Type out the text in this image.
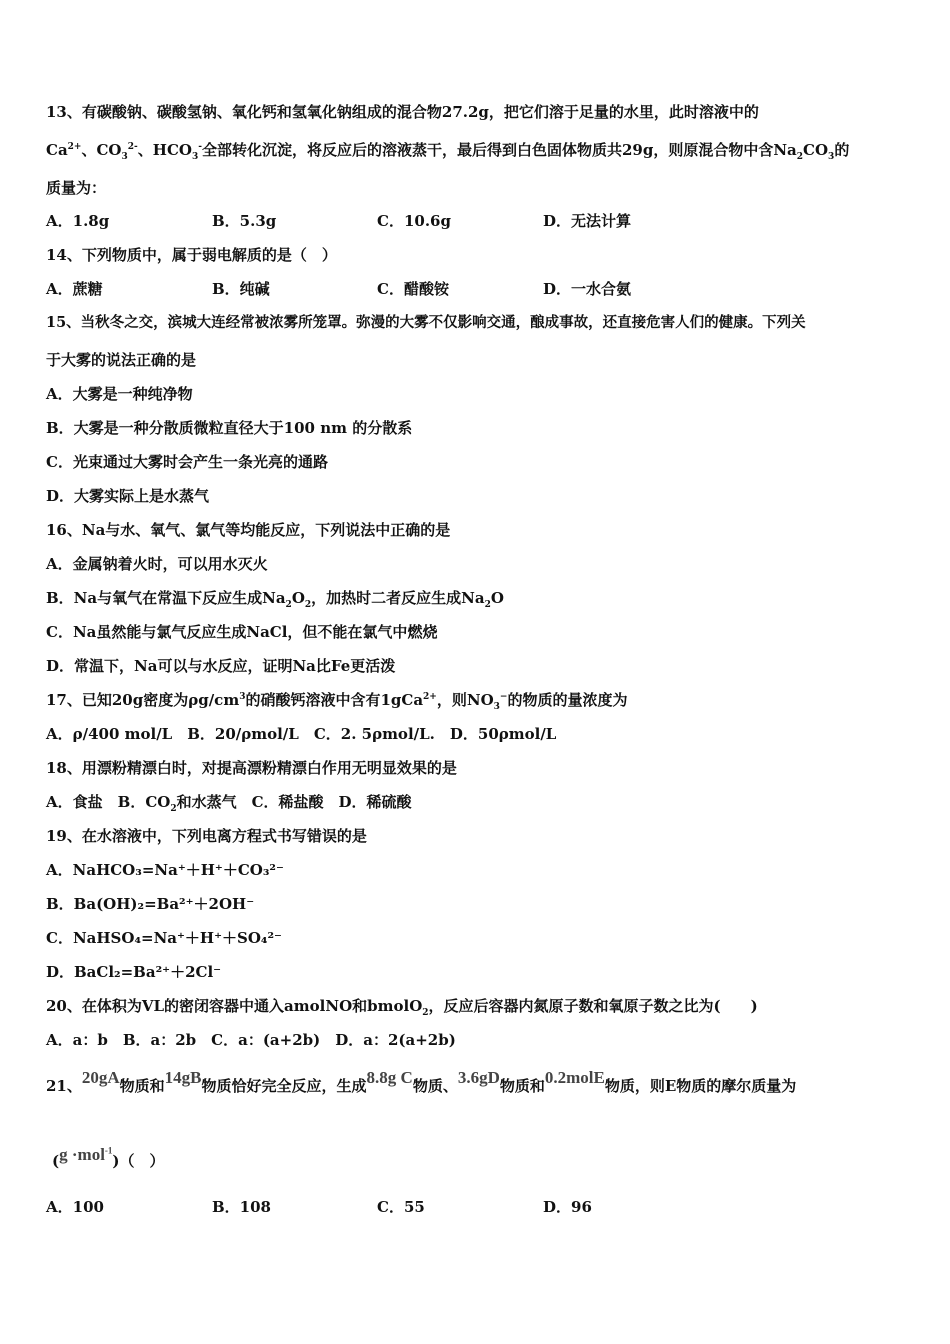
13、有碳酸钠、碳酸氢钠、氧化钙和氢氧化钠组成的混合物27.2g，把它们溶于足量的水里，此时溶液中的
$Ca^{2+}$、$CO_3^{2-}$、$HCO_3^-$全部转化沉淀，将反应后的溶液蒸干，最后得到白色固体物质共29g，则原混合物中含$Na_2CO_3$的
质量为：
A．1.8g	B．5.3g	C．10.6g	D．无法计算
14、下列物质中，属于弱电解质的是（　）
A．蔗糖	B．纯碱	C．醋酸铵	D．一水合氨
15、当秋冬之交，滨城大连经常被浓雾所笼罩。弥漫的大雾不仅影响交通，酿成事故，还直接危害人们的健康。下列关
于大雾的说法正确的是
A．大雾是一种纯净物
B．大雾是一种分散质微粒直径大于100 nm 的分散系
C．光束通过大雾时会产生一条光亮的通路
D．大雾实际上是水蒸气
16、Na与水、氧气、氯气等均能反应，下列说法中正确的是
A．金属钠着火时，可以用水灭火
B．Na与氧气在常温下反应生成$Na_2O_2$，加热时二者反应生成$Na_2O$
C．Na虽然能与氯气反应生成NaCl，但不能在氯气中燃烧
D．常温下，Na可以与水反应，证明Na比Fe更活泼
17、已知20g密度为$\rho g/cm^3$的硝酸钙溶液中含有1gCa$^{2+}$，则$NO_3^-$的物质的量浓度为
A．ρ/400 mol/L　B．20/ρmol/L　C．2. 5ρmol/L.　D．50ρmol/L
18、用漂粉精漂白时，对提高漂粉精漂白作用无明显效果的是
A．食盐　B．$CO_2$和水蒸气　C．稀盐酸　D．稀硫酸
19、在水溶液中，下列电离方程式书写错误的是
A．NaHCO₃=Na⁺＋H⁺＋CO₃²⁻
B．Ba(OH)₂=Ba²⁺＋2OH⁻
C．NaHSO₄=Na⁺＋H⁺＋SO₄²⁻
D．BaCl₂=Ba²⁺＋2Cl⁻
20、在体积为VL的密闭容器中通入amolNO和bmolO$_2$，反应后容器内氮原子数和氧原子数之比为(　　)
A．a：b　B．a：2b　C．a：(a+2b)　D．a：2(a+2b)
21、20gA物质和14gB物质恰好完全反应，生成8.8g C物质、3.6gD物质和0.2molE物质，则E物质的摩尔质量为
(g ·mol$^{-1}$)（　）
A．100	B．108	C．55	D．96
